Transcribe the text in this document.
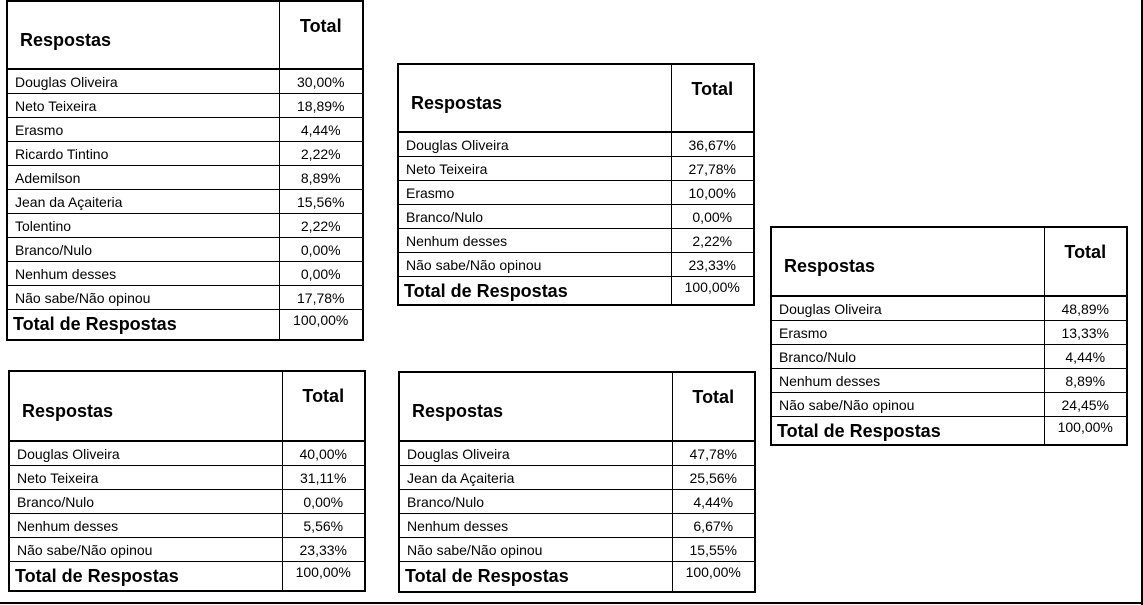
Respostas	Total
Douglas Oliveira	30,00%
Neto Teixeira	18,89%
Erasmo	4,44%
Ricardo Tintino	2,22%
Ademilson	8,89%
Jean da Açaiteria	15,56%
Tolentino	2,22%
Branco/Nulo	0,00%
Nenhum desses	0,00%
Não sabe/Não opinou	17,78%
Total de Respostas	100,00%
Respostas	Total
Douglas Oliveira	36,67%
Neto Teixeira	27,78%
Erasmo	10,00%
Branco/Nulo	0,00%
Nenhum desses	2,22%
Não sabe/Não opinou	23,33%
Total de Respostas	100,00%
Respostas	Total
Douglas Oliveira	48,89%
Erasmo	13,33%
Branco/Nulo	4,44%
Nenhum desses	8,89%
Não sabe/Não opinou	24,45%
Total de Respostas	100,00%
Respostas	Total
Douglas Oliveira	40,00%
Neto Teixeira	31,11%
Branco/Nulo	0,00%
Nenhum desses	5,56%
Não sabe/Não opinou	23,33%
Total de Respostas	100,00%
Respostas	Total
Douglas Oliveira	47,78%
Jean da Açaiteria	25,56%
Branco/Nulo	4,44%
Nenhum desses	6,67%
Não sabe/Não opinou	15,55%
Total de Respostas	100,00%
